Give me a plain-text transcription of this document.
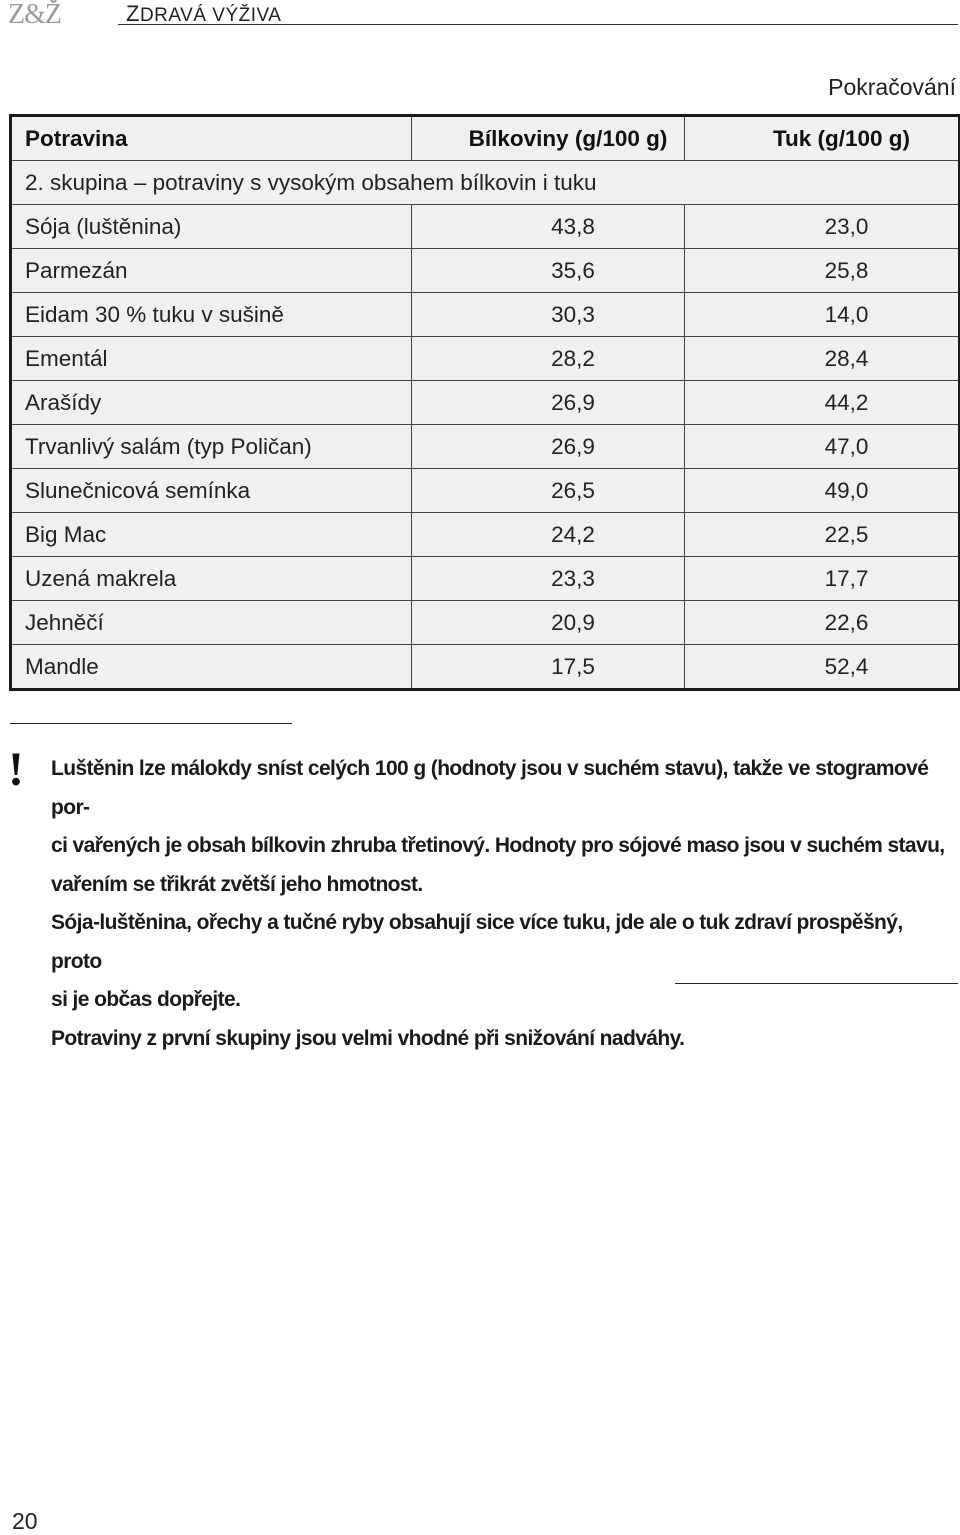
Z&Ž	ZDRAVÁ VÝŽIVA
Pokračování
Potravina	Bílkoviny (g/100 g)	Tuk (g/100 g)
2. skupina – potraviny s vysokým obsahem bílkovin i tuku		
Sója (luštěnina)	43,8	23,0
Parmezán	35,6	25,8
Eidam 30 % tuku v sušině	30,3	14,0
Ementál	28,2	28,4
Arašídy	26,9	44,2
Trvanlivý salám (typ Poličan)	26,9	47,0
Slunečnicová semínka	26,5	49,0
Big Mac	24,2	22,5
Uzená makrela	23,3	17,7
Jehněčí	20,9	22,6
Mandle	17,5	52,4
! Luštěnin lze málokdy sníst celých 100 g (hodnoty jsou v suchém stavu), takže ve stogramové por-

ci vařených je obsah bílkovin zhruba třetinový. Hodnoty pro sójové maso jsou v suchém stavu,

vařením se třikrát zvětší jeho hmotnost.

Sója-luštěnina, ořechy a tučné ryby obsahují sice více tuku, jde ale o tuk zdraví prospěšný, proto

si je občas dopřejte.

Potraviny z první skupiny jsou velmi vhodné při snižování nadváhy.

20
